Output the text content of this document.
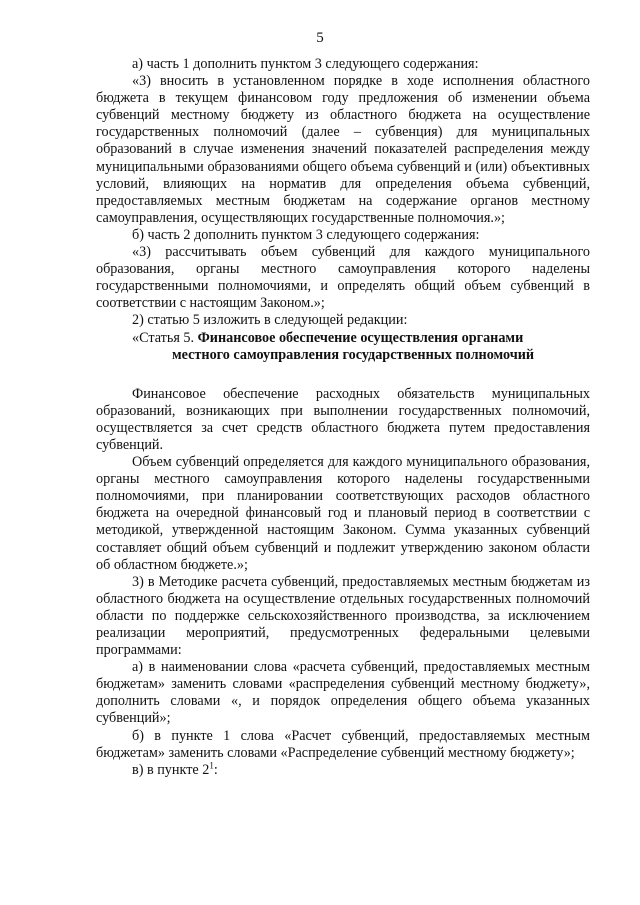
5

а) часть 1 дополнить пунктом 3 следующего содержания:

«3) вносить в установленном порядке в ходе исполнения областного бюджета в текущем финансовом году предложения об изменении объема субвенций местному бюджету из областного бюджета на осуществление государственных полномочий (далее – субвенция) для муниципальных образований в случае изменения значений показателей распределения между муниципальными образованиями общего объема субвенций и (или) объективных условий, влияющих на норматив для определения объема субвенций, предоставляемых местным бюджетам на содержание органов местному самоуправления, осуществляющих государственные полномочия.»;

б) часть 2 дополнить пунктом 3 следующего содержания:

«3) рассчитывать объем субвенций для каждого муниципального образования, органы местного самоуправления которого наделены государственными полномочиями, и определять общий объем субвенций в соответствии с настоящим Законом.»;

2) статью 5 изложить в следующей редакции:

«Статья 5. Финансовое обеспечение осуществления органами

местного самоуправления государственных полномочий

Финансовое обеспечение расходных обязательств муниципальных образований, возникающих при выполнении государственных полномочий, осуществляется за счет средств областного бюджета путем предоставления субвенций.

Объем субвенций определяется для каждого муниципального образования, органы местного самоуправления которого наделены государственными полномочиями, при планировании соответствующих расходов областного бюджета на очередной финансовый год и плановый период в соответствии с методикой, утвержденной настоящим Законом. Сумма указанных субвенций составляет общий объем субвенций и подлежит утверждению законом области об областном бюджете.»;

3) в Методике расчета субвенций, предоставляемых местным бюджетам из областного бюджета на осуществление отдельных государственных полномочий области по поддержке сельскохозяйственного производства, за исключением реализации мероприятий, предусмотренных федеральными целевыми программами:

а) в наименовании слова «расчета субвенций, предоставляемых местным бюджетам» заменить словами «распределения субвенций местному бюджету», дополнить словами «, и порядок определения общего объема указанных субвенций»;

б) в пункте 1 слова «Расчет субвенций, предоставляемых местным бюджетам» заменить словами «Распределение субвенций местному бюджету»;

в) в пункте $2^1$:
